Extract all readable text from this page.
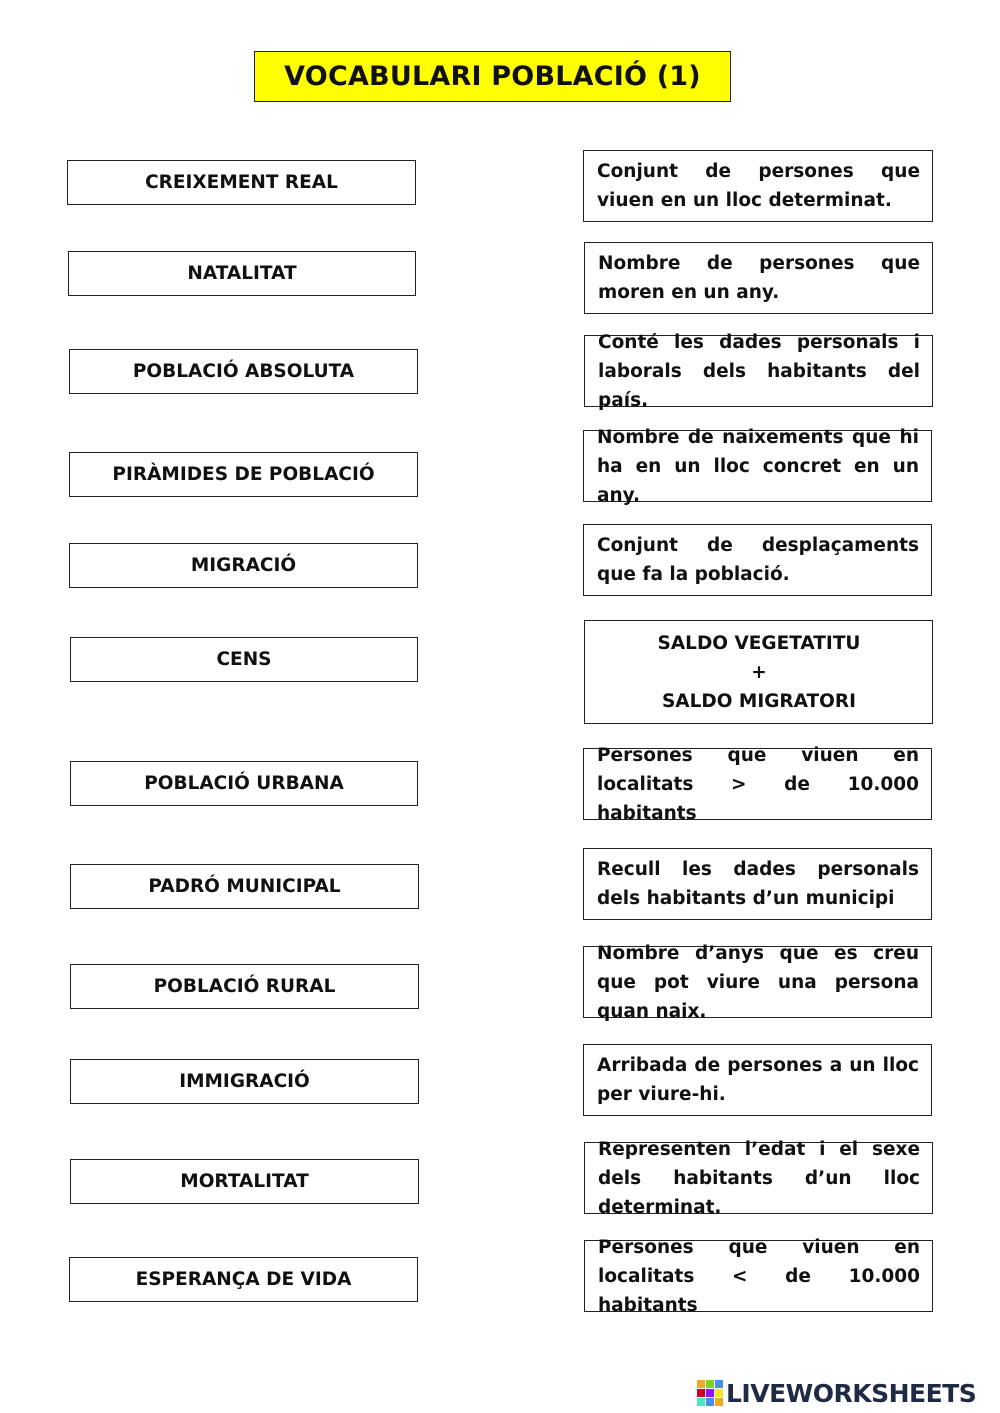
VOCABULARI POBLACIÓ (1)
CREIXEMENT REAL
NATALITAT
POBLACIÓ ABSOLUTA
PIRÀMIDES DE POBLACIÓ
MIGRACIÓ
CENS
POBLACIÓ URBANA
PADRÓ MUNICIPAL
POBLACIÓ RURAL
IMMIGRACIÓ
MORTALITAT
ESPERANÇA DE VIDA
Conjunt de persones que viuen en un lloc determinat.
Nombre de persones que moren en un any.
Conté les dades personals i laborals dels habitants del país.
Nombre de naixements que hi ha en un lloc concret en un any.
Conjunt de desplaçaments que fa la població.
SALDO VEGETATITU
+
SALDO MIGRATORI
Persones que viuen en localitats > de 10.000 habitants
Recull les dades personals dels habitants d’un municipi
Nombre d’anys que es creu que pot viure una persona quan naix.
Arribada de persones a un lloc per viure-hi.
Representen l’edat i el sexe dels habitants d’un lloc determinat.
Persones que viuen en localitats < de 10.000 habitants
LIVEWORKSHEETS
